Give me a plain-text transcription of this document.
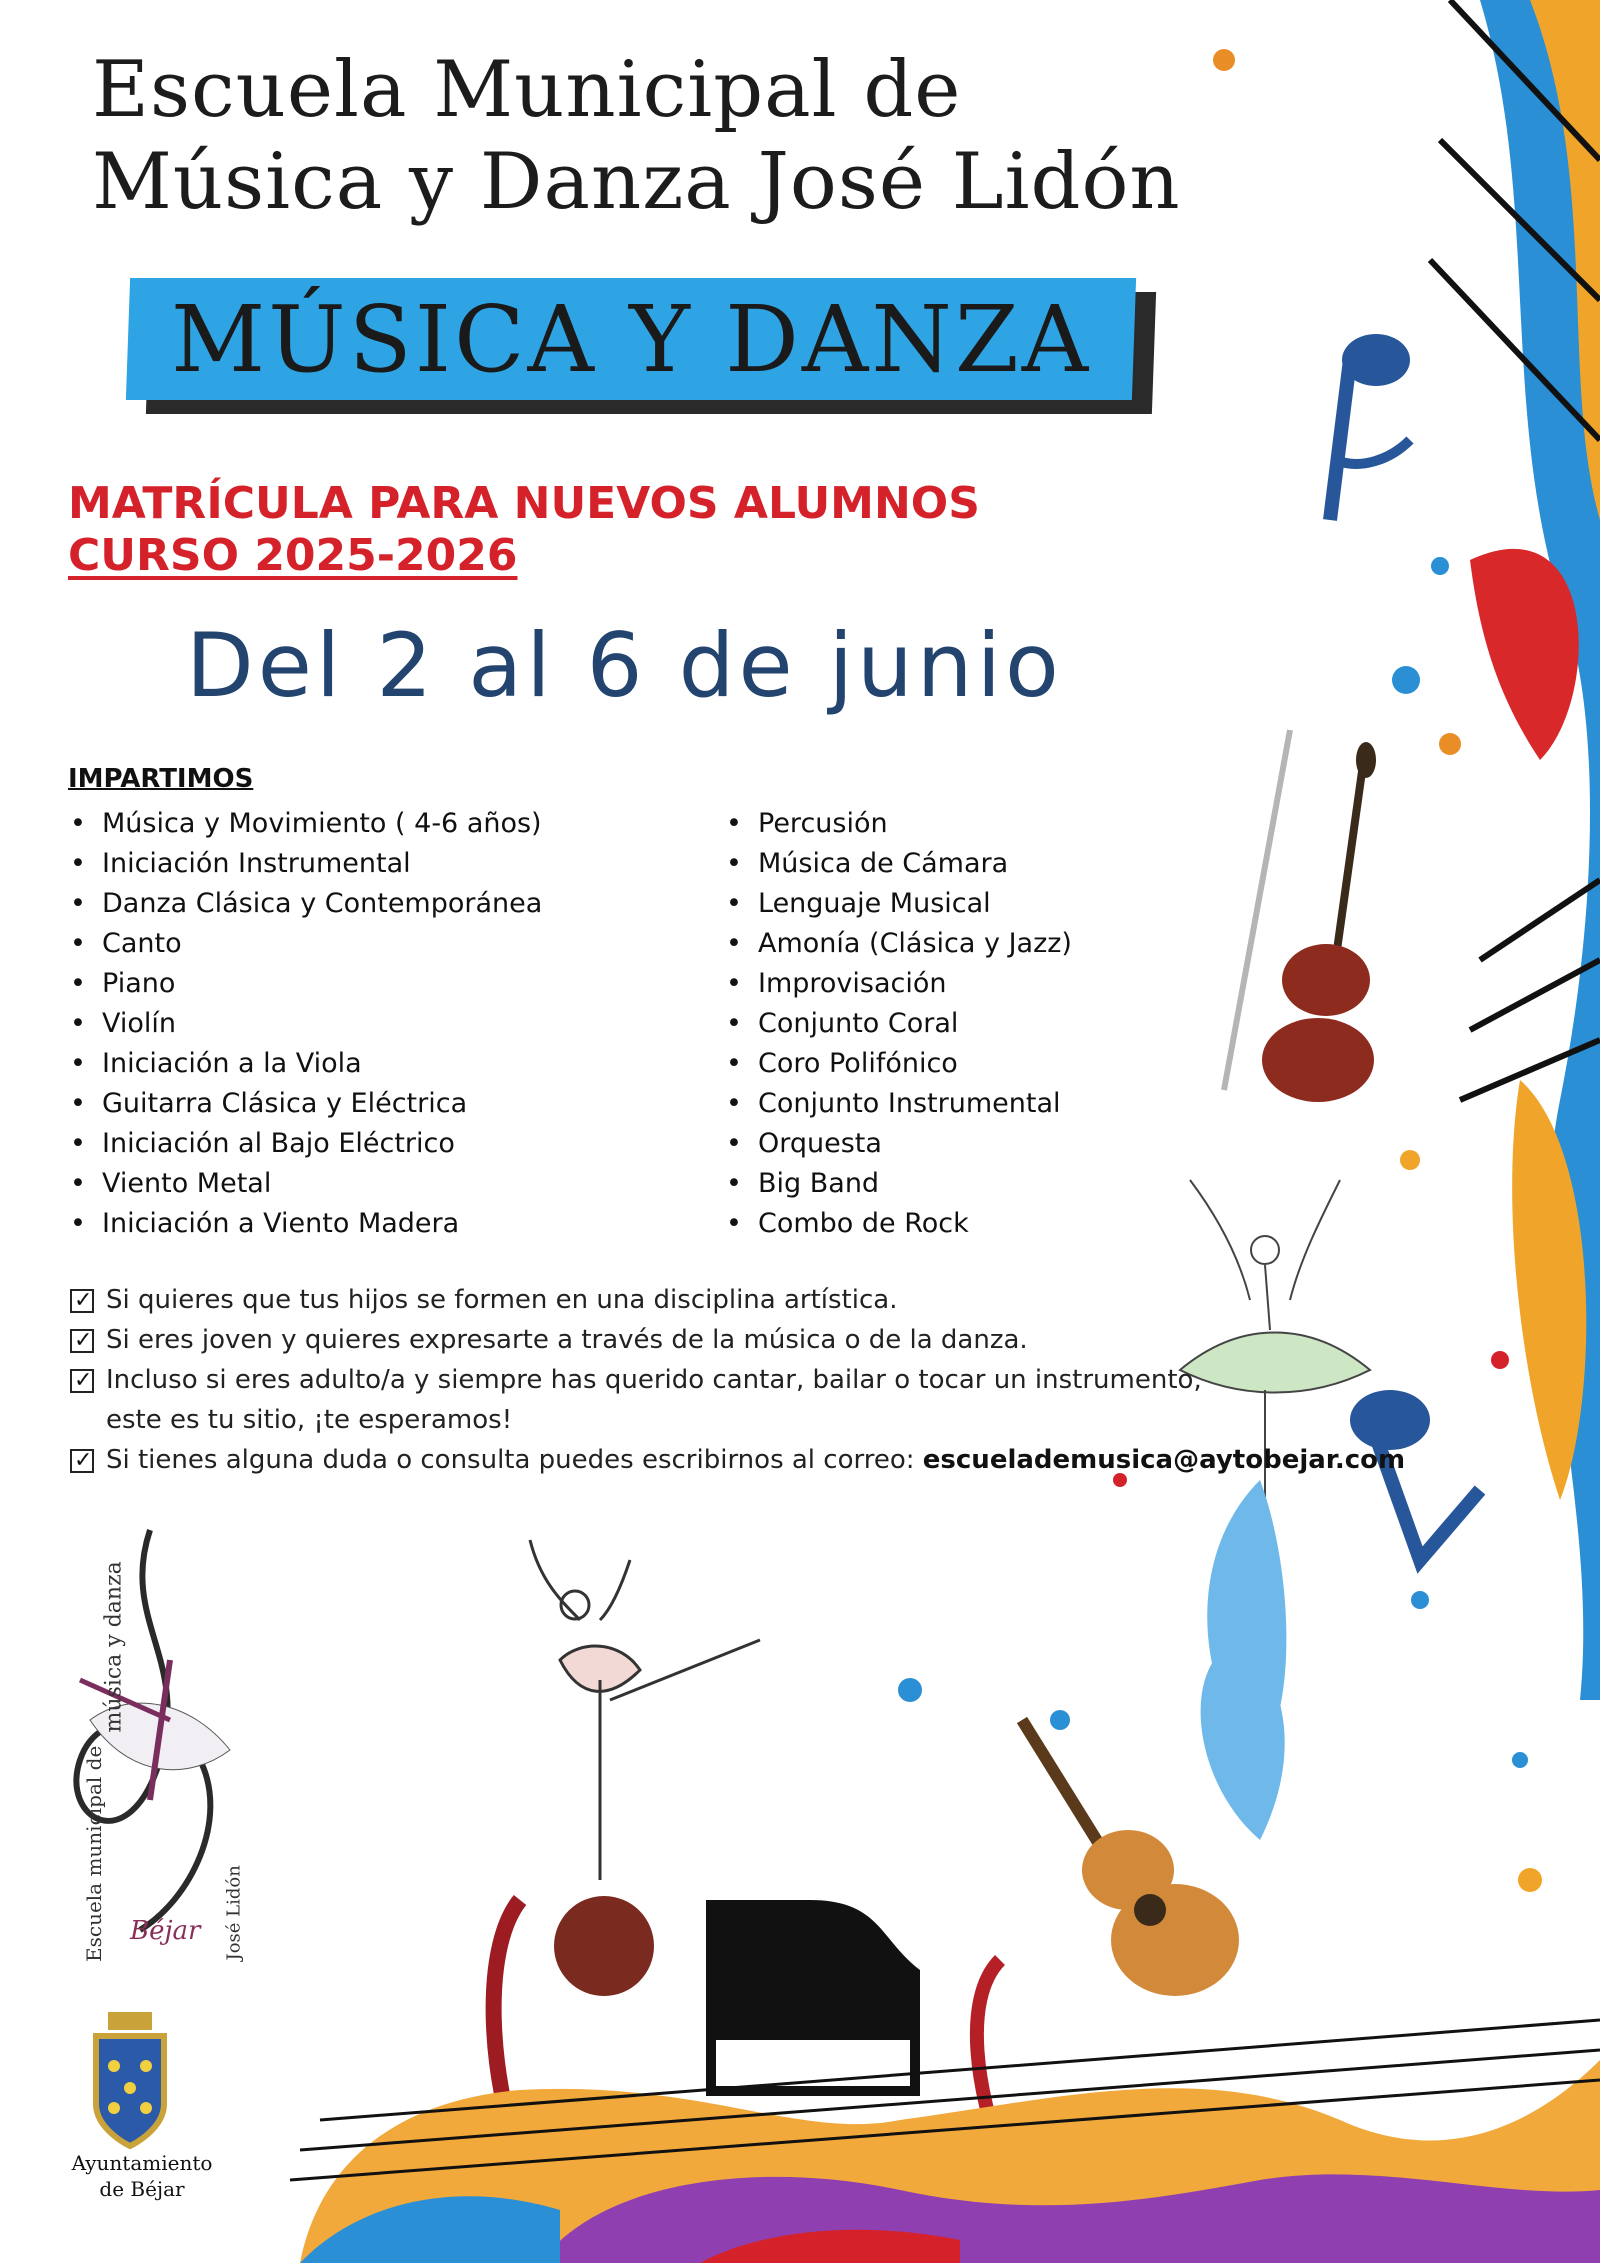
Escuela Municipal de
Música y Danza José Lidón
MÚSICA Y DANZA
MATRÍCULA PARA NUEVOS ALUMNOS
CURSO 2025-2026
Del 2 al 6 de junio
IMPARTIMOS
• Música y Movimiento ( 4-6 años)
• Iniciación Instrumental
• Danza Clásica y Contemporánea
• Canto
• Piano
• Violín
• Iniciación a la Viola
• Guitarra Clásica y Eléctrica
• Iniciación al Bajo Eléctrico
• Viento Metal
• Iniciación a Viento Madera
• Percusión
• Música de Cámara
• Lenguaje Musical
• Amonía (Clásica y Jazz)
• Improvisación
• Conjunto Coral
• Coro Polifónico
• Conjunto Instrumental
• Orquesta
• Big Band
• Combo de Rock
✓
Si quieres que tus hijos se formen en una disciplina artística.
✓
Si eres joven y quieres expresarte a través de la música o de la danza.
✓
Incluso si eres adulto/a y siempre has querido cantar, bailar o tocar un instrumento,
este es tu sitio, ¡te esperamos!
✓
Si tienes alguna duda o consulta puedes escribirnos al correo: escuelademusica@aytobejar.com
Escuela municipal de
música y danza
José Lidón
Béjar
Ayuntamiento
de Béjar
